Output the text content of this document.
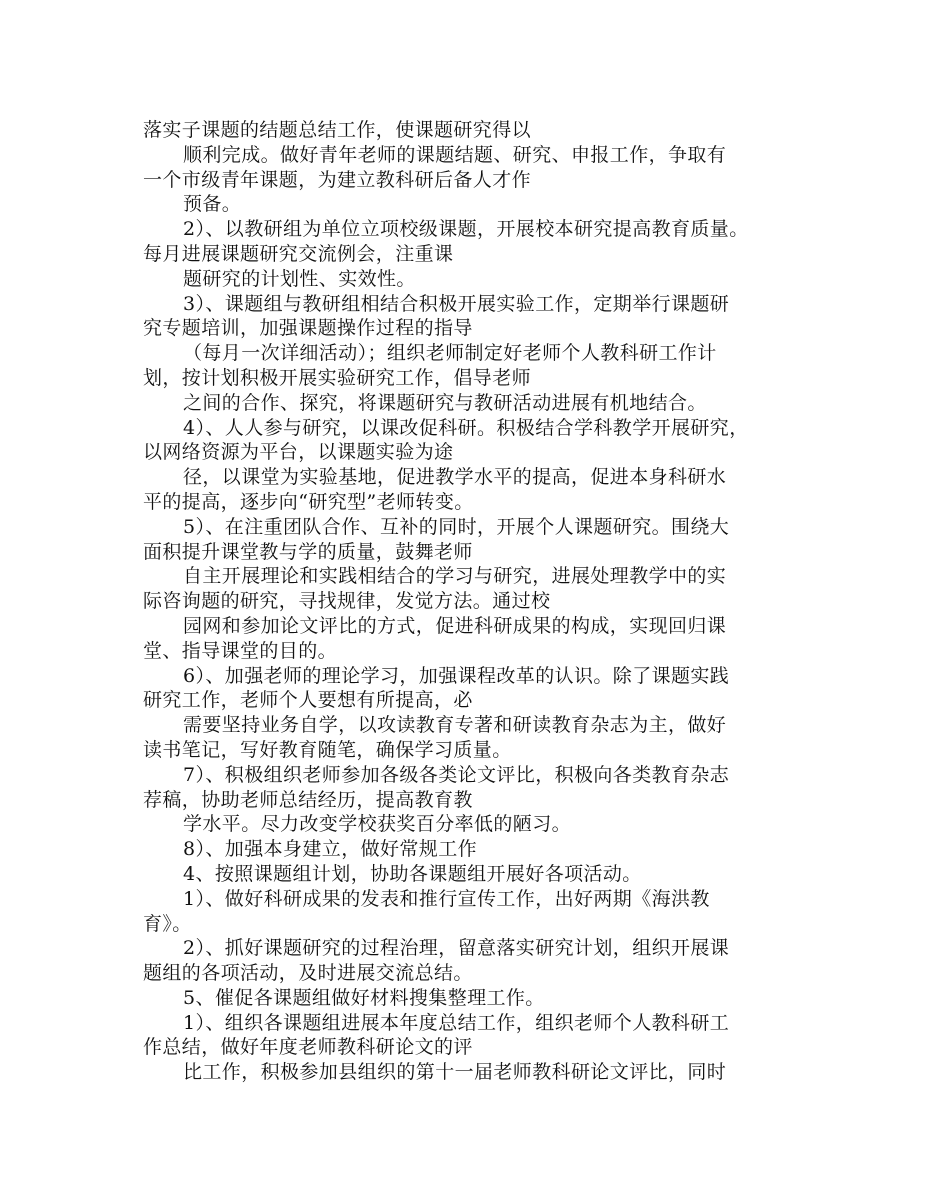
落实子课题的结题总结工作，使课题研究得以
顺利完成。做好青年老师的课题结题、研究、申报工作，争取有
一个市级青年课题，为建立教科研后备人才作
预备。
2）、以教研组为单位立项校级课题，开展校本研究提高教育质量。
每月进展课题研究交流例会，注重课
题研究的计划性、实效性。
3）、课题组与教研组相结合积极开展实验工作，定期举行课题研
究专题培训，加强课题操作过程的指导
（每月一次详细活动）；组织老师制定好老师个人教科研工作计
划，按计划积极开展实验研究工作，倡导老师
之间的合作、探究，将课题研究与教研活动进展有机地结合。
4）、人人参与研究，以课改促科研。积极结合学科教学开展研究，
以网络资源为平台，以课题实验为途
径，以课堂为实验基地，促进教学水平的提高，促进本身科研水
平的提高，逐步向“研究型”老师转变。
5）、在注重团队合作、互补的同时，开展个人课题研究。围绕大
面积提升课堂教与学的质量，鼓舞老师
自主开展理论和实践相结合的学习与研究，进展处理教学中的实
际咨询题的研究，寻找规律，发觉方法。通过校
园网和参加论文评比的方式，促进科研成果的构成，实现回归课
堂、指导课堂的目的。
6）、加强老师的理论学习，加强课程改革的认识。除了课题实践
研究工作，老师个人要想有所提高，必
需要坚持业务自学，以攻读教育专著和研读教育杂志为主，做好
读书笔记，写好教育随笔，确保学习质量。
7）、积极组织老师参加各级各类论文评比，积极向各类教育杂志
荐稿，协助老师总结经历，提高教育教
学水平。尽力改变学校获奖百分率低的陋习。
8）、加强本身建立，做好常规工作
4、按照课题组计划，协助各课题组开展好各项活动。
1）、做好科研成果的发表和推行宣传工作，出好两期《海洪教
育》。
2）、抓好课题研究的过程治理，留意落实研究计划，组织开展课
题组的各项活动，及时进展交流总结。
5、催促各课题组做好材料搜集整理工作。
1）、组织各课题组进展本年度总结工作，组织老师个人教科研工
作总结，做好年度老师教科研论文的评
比工作，积极参加县组织的第十一届老师教科研论文评比，同时
